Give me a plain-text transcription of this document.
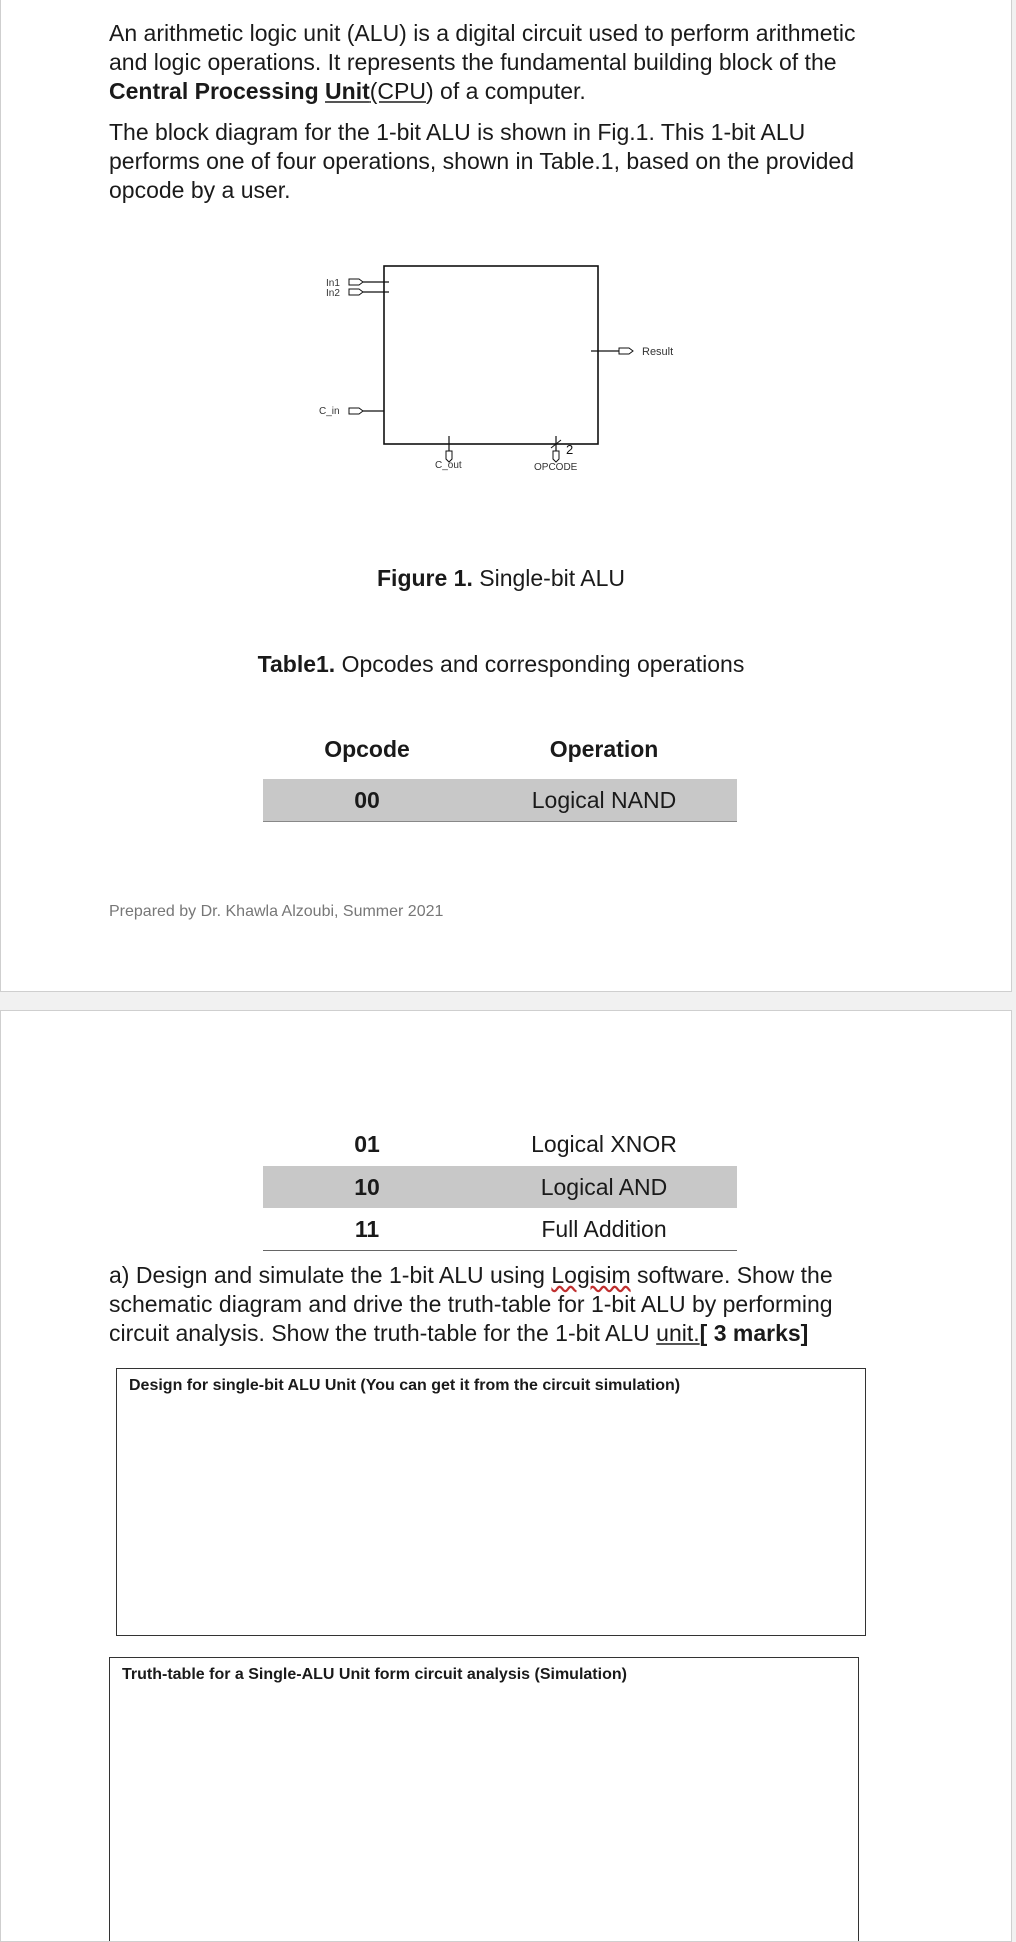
An arithmetic logic unit (ALU) is a digital circuit used to perform arithmetic and logic operations. It represents the fundamental building block of the Central Processing Unit(CPU) of a computer.

The block diagram for the 1-bit ALU is shown in Fig.1. This 1-bit ALU performs one of four operations, shown in Table.1, based on the provided opcode by a user.

In1
In2
C_in
Result
C_out
2
OPCODE
Figure 1. Single-bit ALU
Table1. Opcodes and corresponding operations
Opcode	Operation
00	Logical NAND
Prepared by Dr. Khawla Alzoubi, Summer 2021
01	Logical XNOR
10	Logical AND
11	Full Addition

a) Design and simulate the 1-bit ALU using Logisim software. Show the schematic diagram and drive the truth-table for 1-bit ALU by performing circuit analysis. Show the truth-table for the 1-bit ALU unit.[ 3 marks]

Design for single-bit ALU Unit (You can get it from the circuit simulation)
Truth-table for a Single-ALU Unit form circuit analysis (Simulation)
